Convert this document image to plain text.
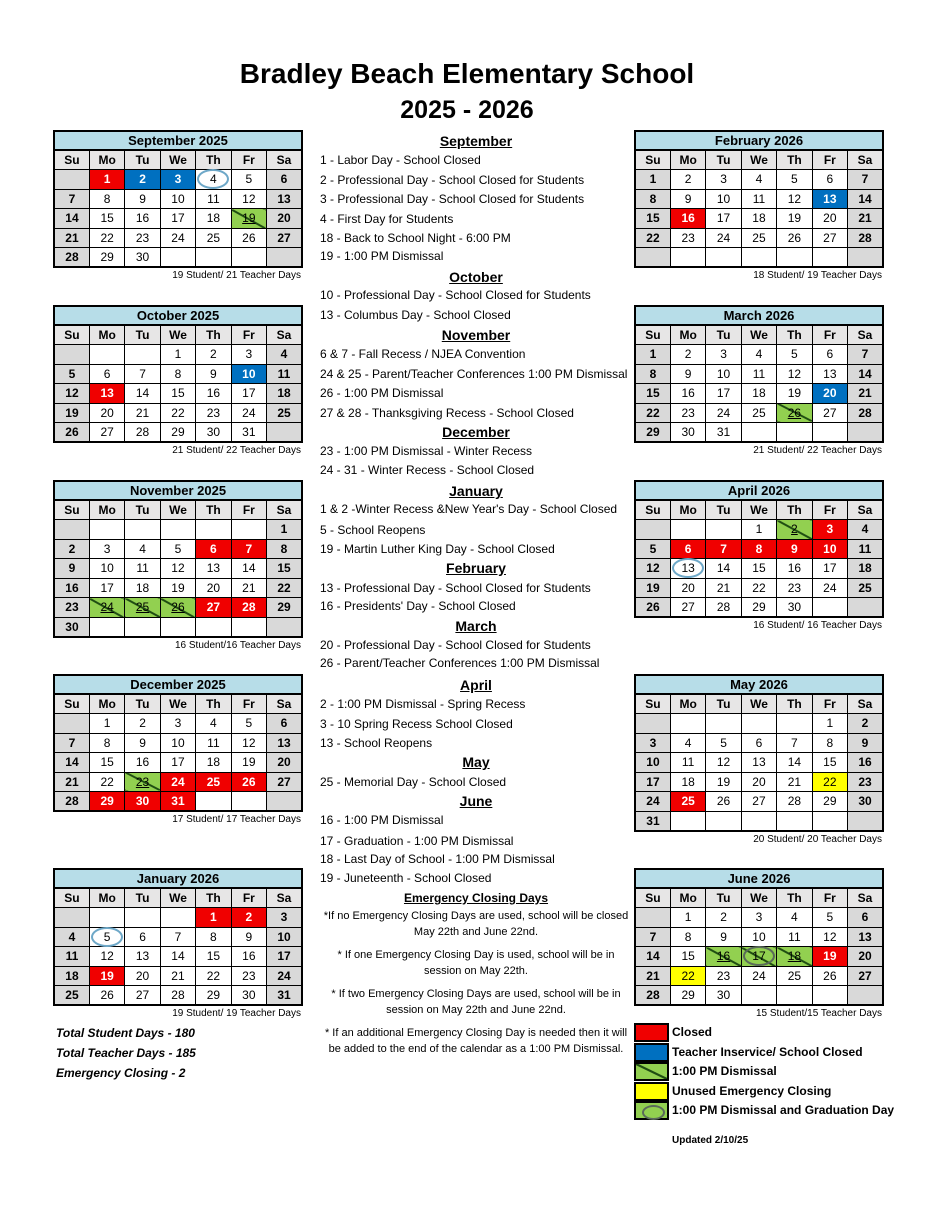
Bradley Beach Elementary School
2025 - 2026
September 2025						
Su	Mo	Tu	We	Th	Fr	Sa
	1	2	3	4	5	6
7	8	9	10	11	12	13
14	15	16	17	18	19	20
21	22	23	24	25	26	27
28	29	30				
19 Student/ 21 Teacher Days
October 2025						
Su	Mo	Tu	We	Th	Fr	Sa
			1	2	3	4
5	6	7	8	9	10	11
12	13	14	15	16	17	18
19	20	21	22	23	24	25
26	27	28	29	30	31	
21 Student/ 22 Teacher Days
November 2025						
Su	Mo	Tu	We	Th	Fr	Sa
						1
2	3	4	5	6	7	8
9	10	11	12	13	14	15
16	17	18	19	20	21	22
23	24	25	26	27	28	29
30						
16 Student/16 Teacher Days
December 2025						
Su	Mo	Tu	We	Th	Fr	Sa
	1	2	3	4	5	6
7	8	9	10	11	12	13
14	15	16	17	18	19	20
21	22	23	24	25	26	27
28	29	30	31			
17 Student/ 17 Teacher Days
January 2026						
Su	Mo	Tu	We	Th	Fr	Sa
				1	2	3
4	5	6	7	8	9	10
11	12	13	14	15	16	17
18	19	20	21	22	23	24
25	26	27	28	29	30	31
19 Student/ 19 Teacher Days
February 2026						
Su	Mo	Tu	We	Th	Fr	Sa
1	2	3	4	5	6	7
8	9	10	11	12	13	14
15	16	17	18	19	20	21
22	23	24	25	26	27	28

18 Student/ 19 Teacher Days
March 2026						
Su	Mo	Tu	We	Th	Fr	Sa
1	2	3	4	5	6	7
8	9	10	11	12	13	14
15	16	17	18	19	20	21
22	23	24	25	26	27	28
29	30	31				
21 Student/ 22 Teacher Days
April 2026						
Su	Mo	Tu	We	Th	Fr	Sa
			1	2	3	4
5	6	7	8	9	10	11
12	13	14	15	16	17	18
19	20	21	22	23	24	25
26	27	28	29	30		
16 Student/ 16 Teacher Days
May 2026						
Su	Mo	Tu	We	Th	Fr	Sa
					1	2
3	4	5	6	7	8	9
10	11	12	13	14	15	16
17	18	19	20	21	22	23
24	25	26	27	28	29	30
31						
20 Student/ 20 Teacher Days
June 2026						
Su	Mo	Tu	We	Th	Fr	Sa
	1	2	3	4	5	6
7	8	9	10	11	12	13
14	15	16	17	18	19	20
21	22	23	24	25	26	27
28	29	30				
15 Student/15 Teacher Days
September
1 - Labor Day - School Closed
2 - Professional Day - School Closed for Students
3 - Professional Day - School Closed for Students
4 - First Day for Students
18 - Back to School Night - 6:00 PM
19 - 1:00 PM Dismissal
October
10 - Professional Day - School Closed for Students
13 - Columbus Day - School Closed
November
6 & 7 - Fall Recess / NJEA Convention
24 & 25 - Parent/Teacher Conferences 1:00 PM Dismissal
26 - 1:00 PM Dismissal
27 & 28 - Thanksgiving Recess - School Closed
December
23 - 1:00 PM Dismissal - Winter Recess
24 - 31 - Winter Recess - School Closed
January
1 & 2 -Winter Recess &New Year's Day - School Closed
5 - School Reopens
19 - Martin Luther King Day - School Closed
February
13 - Professional Day - School Closed for Students
16 - Presidents' Day - School Closed
March
20 - Professional Day - School Closed for Students
26 - Parent/Teacher Conferences 1:00 PM Dismissal
April
2 - 1:00 PM Dismissal - Spring Recess
3 - 10 Spring Recess School Closed
13 - School Reopens
May
25 - Memorial Day - School Closed
June
16 - 1:00 PM Dismissal
17 - Graduation - 1:00 PM Dismissal
18 - Last Day of School - 1:00 PM Dismissal
19 - Juneteenth - School Closed
Emergency Closing Days
*If no Emergency Closing Days are used, school will be closed May 22th and June 22nd.
* If one Emergency Closing Day is used, school will be in session on May 22th.
* If two Emergency Closing Days are used, school will be in session on May 22th and June 22nd.
* If an additional Emergency Closing Day is needed then it will be added to the end of the calendar as a 1:00 PM Dismissal.
Total Student Days - 180
Total Teacher Days - 185
Emergency Closing - 2
Closed
Teacher Inservice/ School Closed
1:00 PM Dismissal
Unused Emergency Closing
1:00 PM Dismissal and Graduation Day
Updated 2/10/25
